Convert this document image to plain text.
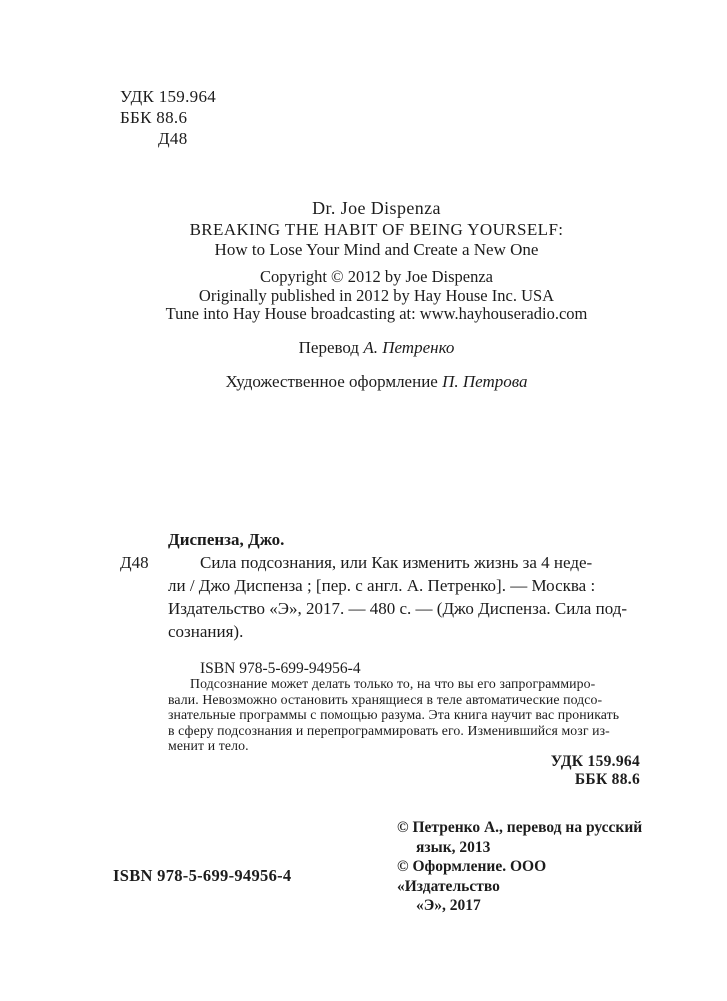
УДК 159.964
ББК 88.6
Д48
Dr. Joe Dispenza
BREAKING THE HABIT OF BEING YOURSELF:
How to Lose Your Mind and Create a New One
Copyright © 2012 by Joe Dispenza
Originally published in 2012 by Hay House Inc. USA
Tune into Hay House broadcasting at: www.hayhouseradio.com
Перевод А. Петренко
Художественное оформление П. Петрова
Д48
Диспенза, Джо.
Сила подсознания, или Как изменить жизнь за 4 неде-
ли / Джо Диспенза ; [пер. с англ. А. Петренко]. — Москва :
Издательство «Э», 2017. — 480 с. — (Джо Диспенза. Сила под-
сознания).
ISBN 978-5-699-94956-4
Подсознание может делать только то, на что вы его запрограммиро-
вали. Невозможно остановить хранящиеся в теле автоматические подсо-
знательные программы с помощью разума. Эта книга научит вас проникать
в сферу подсознания и перепрограммировать его. Изменившийся мозг из-
менит и тело.
УДК 159.964
ББК 88.6
© Петренко А., перевод на русский
язык, 2013
© Оформление. ООО «Издательство
«Э», 2017
ISBN 978-5-699-94956-4
